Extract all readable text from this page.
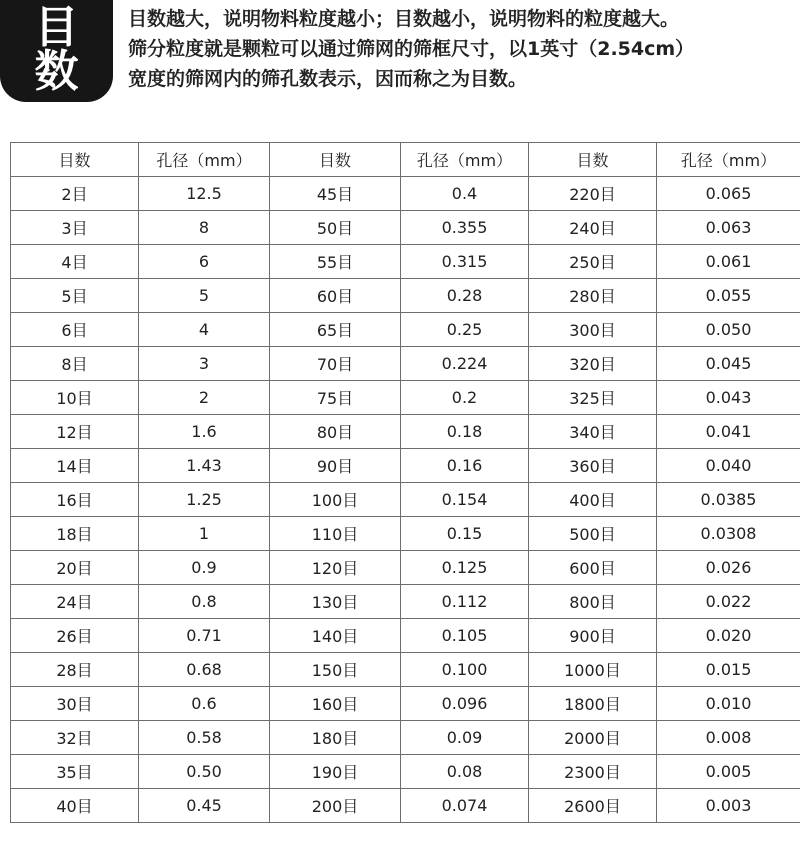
目
数
目数越大，说明物料粒度越小；目数越小，说明物料的粒度越大。
筛分粒度就是颗粒可以通过筛网的筛框尺寸，以1英寸（2.54cm）
宽度的筛网内的筛孔数表示，因而称之为目数。
目数	孔径（mm）	目数	孔径（mm）	目数	孔径（mm）
2目	12.5	45目	0.4	220目	0.065
3目	8	50目	0.355	240目	0.063
4目	6	55目	0.315	250目	0.061
5目	5	60目	0.28	280目	0.055
6目	4	65目	0.25	300目	0.050
8目	3	70目	0.224	320目	0.045
10目	2	75目	0.2	325目	0.043
12目	1.6	80目	0.18	340目	0.041
14目	1.43	90目	0.16	360目	0.040
16目	1.25	100目	0.154	400目	0.0385
18目	1	110目	0.15	500目	0.0308
20目	0.9	120目	0.125	600目	0.026
24目	0.8	130目	0.112	800目	0.022
26目	0.71	140目	0.105	900目	0.020
28目	0.68	150目	0.100	1000目	0.015
30目	0.6	160目	0.096	1800目	0.010
32目	0.58	180目	0.09	2000目	0.008
35目	0.50	190目	0.08	2300目	0.005
40目	0.45	200目	0.074	2600目	0.003
